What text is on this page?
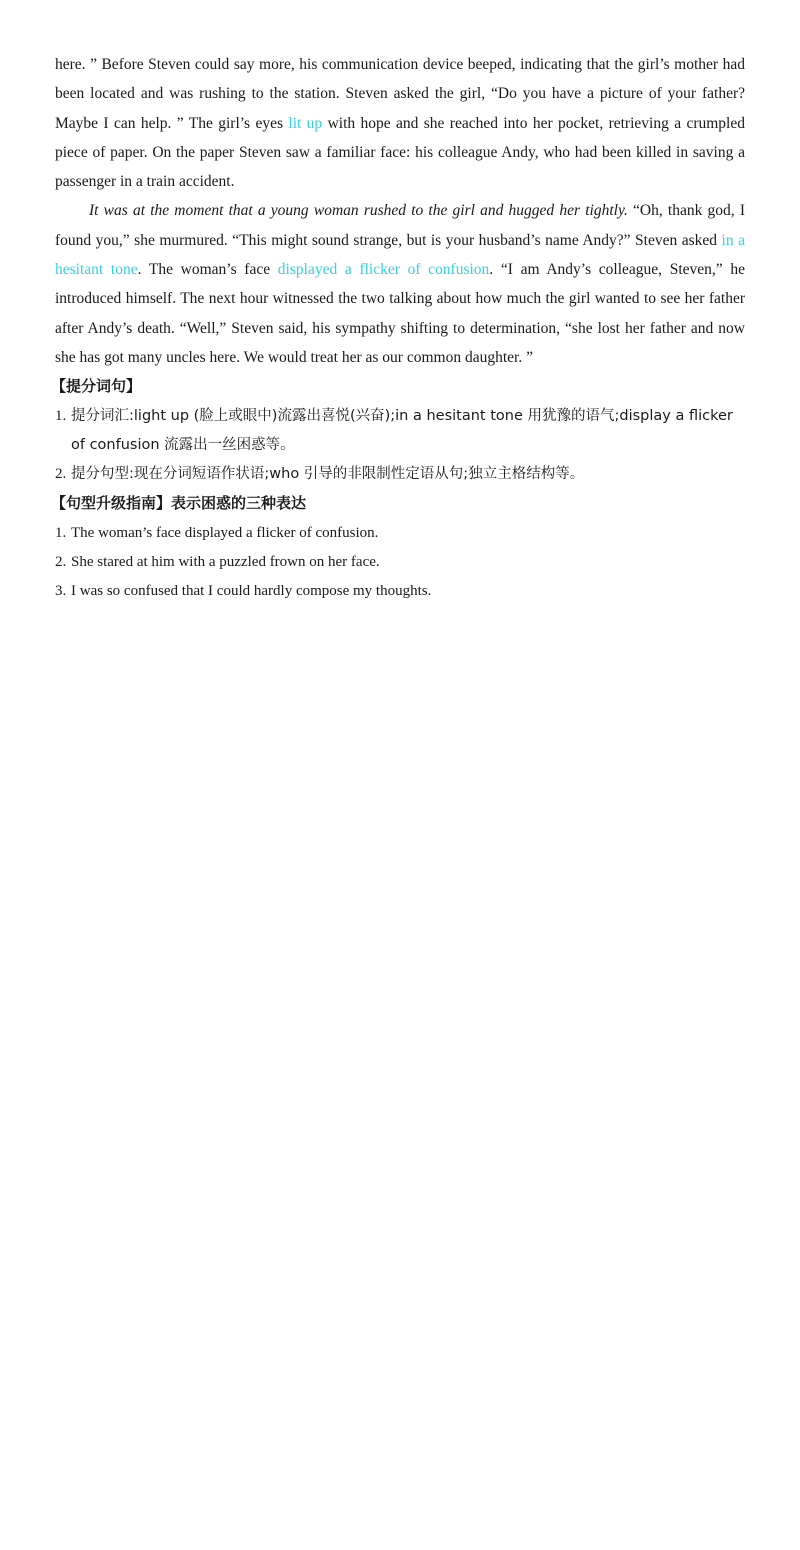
here. ” Before Steven could say more, his communication device beeped, indicating that the girl’s mother had been located and was rushing to the station. Steven asked the girl, “Do you have a picture of your father? Maybe I can help. ” The girl’s eyes lit up with hope and she reached into her pocket, retrieving a crumpled piece of paper. On the paper Steven saw a familiar face: his colleague Andy, who had been killed in saving a passenger in a train accident.

It was at the moment that a young woman rushed to the girl and hugged her tightly. “Oh, thank god, I found you,” she murmured. “This might sound strange, but is your husband’s name Andy?” Steven asked in a hesitant tone. The woman’s face displayed a flicker of confusion. “I am Andy’s colleague, Steven,” he introduced himself. The next hour witnessed the two talking about how much the girl wanted to see her father after Andy’s death. “Well,” Steven said, his sympathy shifting to determination, “she lost her father and now she has got many uncles here. We would treat her as our common daughter. ”

【提分词句】

1. 提分词汇:light up (脸上或眼中)流露出喜悦(兴奋);in a hesitant tone 用犹豫的语气;display a flicker of confusion 流露出一丝困惑等。

2. 提分句型:现在分词短语作状语;who 引导的非限制性定语从句;独立主格结构等。

【句型升级指南】表示困惑的三种表达

1. The woman’s face displayed a flicker of confusion.

2. She stared at him with a puzzled frown on her face.

3. I was so confused that I could hardly compose my thoughts.
